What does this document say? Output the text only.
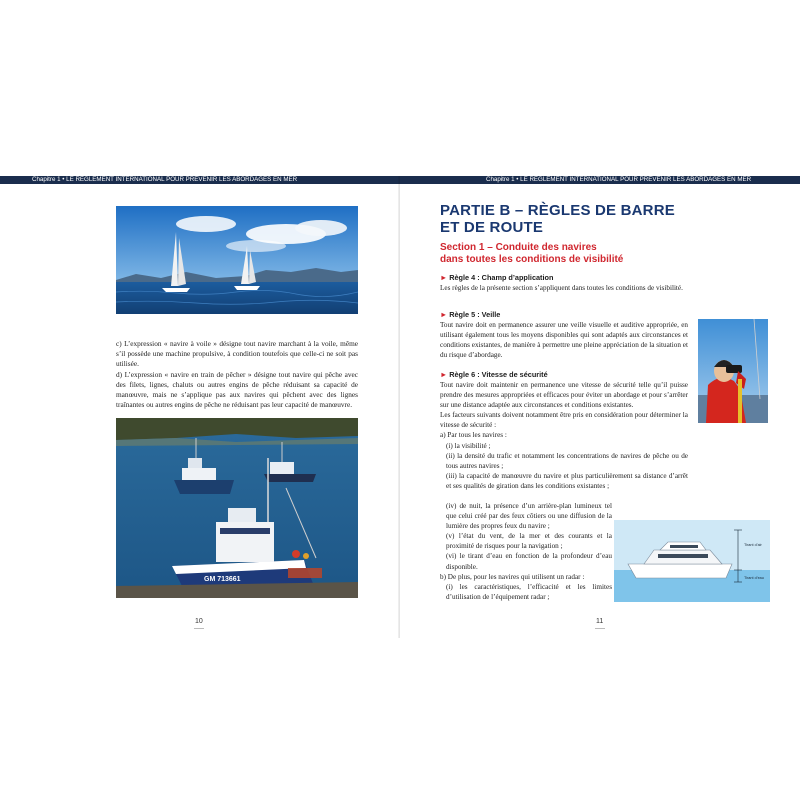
Chapitre 1 • LE RÈGLEMENT INTERNATIONAL POUR PRÉVENIR LES ABORDAGES EN MER

c) L’expression « navire à voile » désigne tout navire marchant à la voile, même s’il possède une machine propulsive, à condition toutefois que celle-ci ne soit pas utilisée.

d) L’expression « navire en train de pêcher » désigne tout navire qui pêche avec des filets, lignes, chaluts ou autres engins de pêche réduisant sa capacité de manœuvre, mais ne s’applique pas aux navires qui pêchent avec des lignes traînantes ou autres engins de pêche ne réduisant pas leur capacité de manœuvre.

GM 713661
10
Chapitre 1 • LE RÈGLEMENT INTERNATIONAL POUR PRÉVENIR LES ABORDAGES EN MER
PARTIE B – RÈGLES DE BARRE
ET DE ROUTE
Section 1 – Conduite des navires
dans toutes les conditions de visibilité
► Règle 4 : Champ d’application

Les règles de la présente section s’appliquent dans toutes les conditions de visibilité.

► Règle 5 : Veille

Tout navire doit en permanence assurer une veille visuelle et auditive appropriée, en utilisant également tous les moyens disponibles qui sont adaptés aux circonstances et conditions existantes, de manière à permettre une pleine appréciation de la situation et du risque d’abordage.

► Règle 6 : Vitesse de sécurité

Tout navire doit maintenir en permanence une vitesse de sécurité telle qu’il puisse prendre des mesures appropriées et efficaces pour éviter un abordage et pour s’arrêter sur une distance adaptée aux circonstances et conditions existantes.

Les facteurs suivants doivent notamment être pris en considération pour déterminer la vitesse de sécurité :

a) Par tous les navires :

(i) la visibilité ;

(ii) la densité du trafic et notamment les concentrations de navires de pêche ou de tous autres navires ;

(iii) la capacité de manœuvre du navire et plus particulièrement sa distance d’arrêt et ses qualités de giration dans les conditions existantes ;

(iv) de nuit, la présence d’un arrière-plan lumineux tel que celui créé par des feux côtiers ou une diffusion de la lumière des propres feux du navire ;

(v) l’état du vent, de la mer et des courants et la proximité de risques pour la navigation ;

(vi) le tirant d’eau en fonction de la profondeur d’eau disponible.

b) De plus, pour les navires qui utilisent un radar :

(i) les caractéristiques, l’efficacité et les limites d’utilisation de l’équipement radar ;

Tirant d’air
Tirant d’eau
11
